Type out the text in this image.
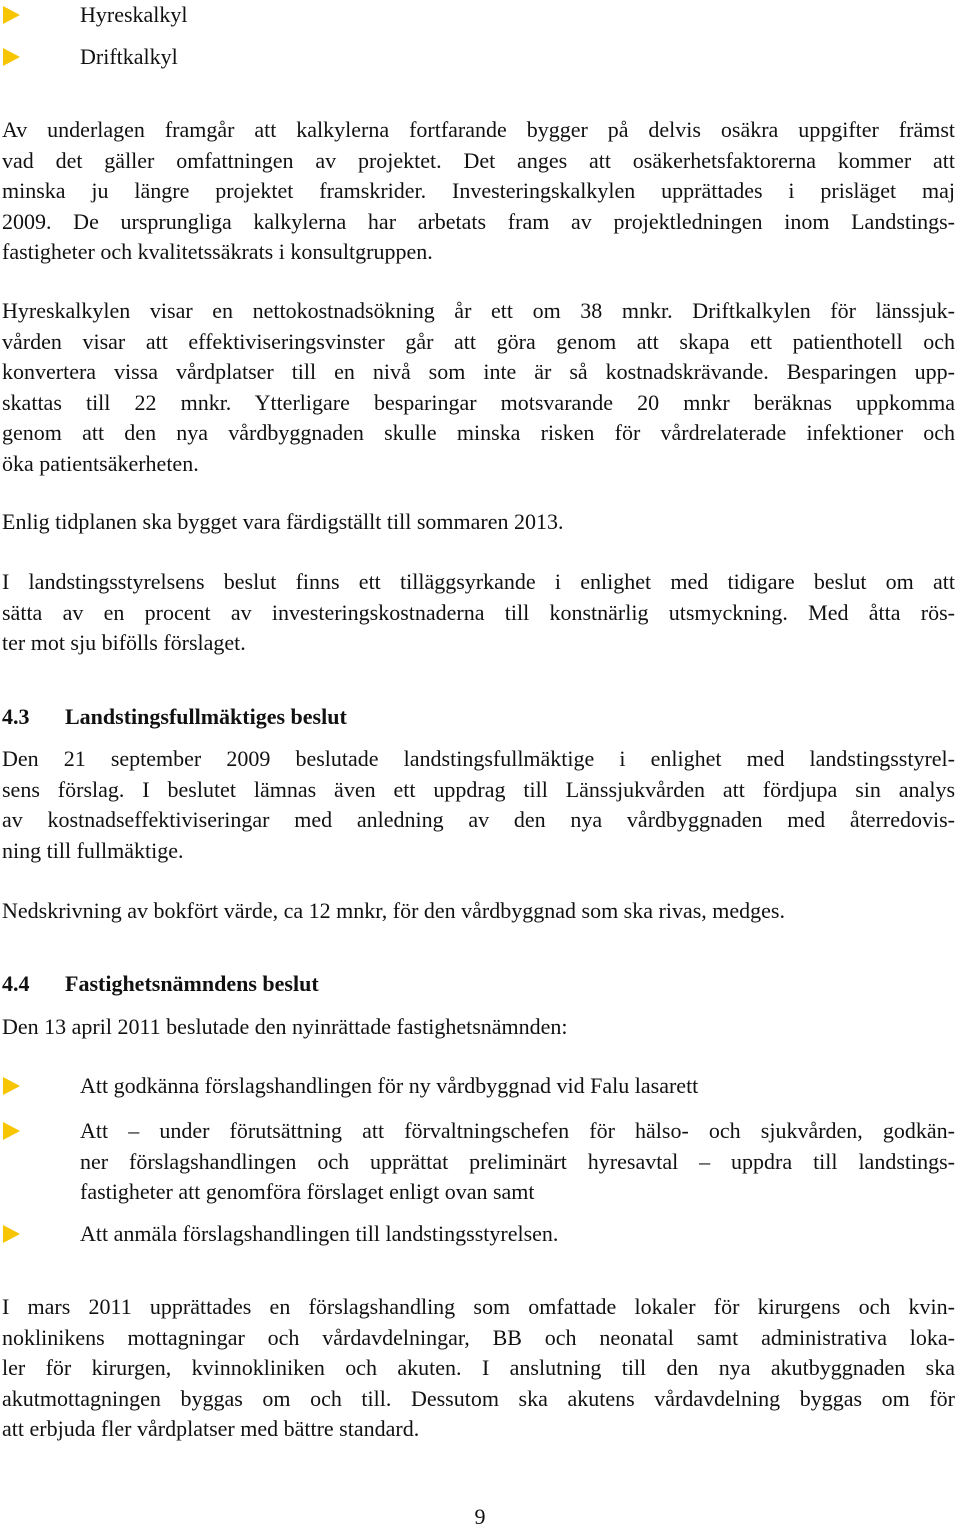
Hyreskalkyl
Driftkalkyl
Av underlagen framgår att kalkylerna fortfarande bygger på delvis osäkra uppgifter främst
vad det gäller omfattningen av projektet. Det anges att osäkerhetsfaktorerna kommer att
minska ju längre projektet framskrider. Investeringskalkylen upprättades i prisläget maj
2009. De ursprungliga kalkylerna har arbetats fram av projektledningen inom Landstings-
fastigheter och kvalitetssäkrats i konsultgruppen.
Hyreskalkylen visar en nettokostnadsökning år ett om 38 mnkr. Driftkalkylen för länssjuk-
vården visar att effektiviseringsvinster går att göra genom att skapa ett patienthotell och
konvertera vissa vårdplatser till en nivå som inte är så kostnadskrävande. Besparingen upp-
skattas till 22 mnkr. Ytterligare besparingar motsvarande 20 mnkr beräknas uppkomma
genom att den nya vårdbyggnaden skulle minska risken för vårdrelaterade infektioner och
öka patientsäkerheten.
Enlig tidplanen ska bygget vara färdigställt till sommaren 2013.
I landstingsstyrelsens beslut finns ett tilläggsyrkande i enlighet med tidigare beslut om att
sätta av en procent av investeringskostnaderna till konstnärlig utsmyckning. Med åtta rös-
ter mot sju bifölls förslaget.
4.3 Landstingsfullmäktiges beslut
Den 21 september 2009 beslutade landstingsfullmäktige i enlighet med landstingsstyrel-
sens förslag. I beslutet lämnas även ett uppdrag till Länssjukvården att fördjupa sin analys
av kostnadseffektiviseringar med anledning av den nya vårdbyggnaden med återredovis-
ning till fullmäktige.
Nedskrivning av bokfört värde, ca 12 mnkr, för den vårdbyggnad som ska rivas, medges.
4.4 Fastighetsnämndens beslut
Den 13 april 2011 beslutade den nyinrättade fastighetsnämnden:
Att godkänna förslagshandlingen för ny vårdbyggnad vid Falu lasarett
Att – under förutsättning att förvaltningschefen för hälso- och sjukvården, godkän-
ner förslagshandlingen och upprättat preliminärt hyresavtal – uppdra till landstings-
fastigheter att genomföra förslaget enligt ovan samt
Att anmäla förslagshandlingen till landstingsstyrelsen.
I mars 2011 upprättades en förslagshandling som omfattade lokaler för kirurgens och kvin-
noklinikens mottagningar och vårdavdelningar, BB och neonatal samt administrativa loka-
ler för kirurgen, kvinnokliniken och akuten. I anslutning till den nya akutbyggnaden ska
akutmottagningen byggas om och till. Dessutom ska akutens vårdavdelning byggas om för
att erbjuda fler vårdplatser med bättre standard.
9
